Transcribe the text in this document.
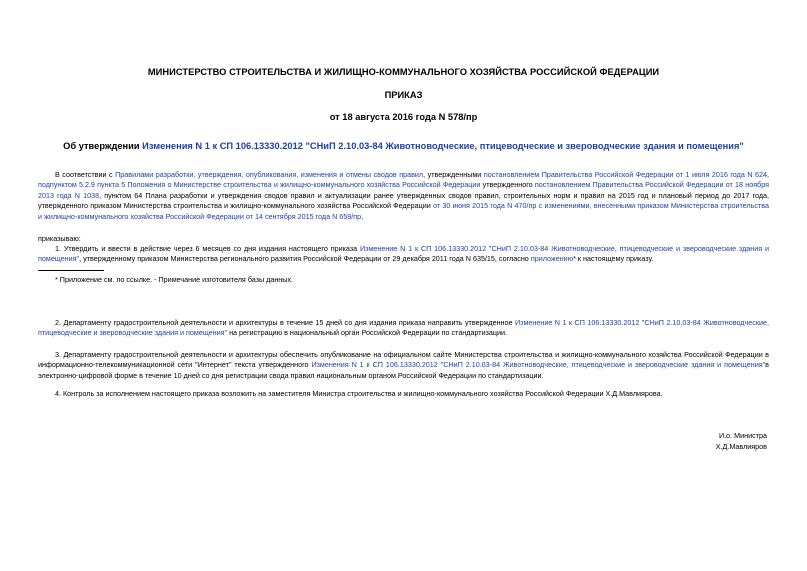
МИНИСТЕРСТВО СТРОИТЕЛЬСТВА И ЖИЛИЩНО-КОММУНАЛЬНОГО ХОЗЯЙСТВА РОССИЙСКОЙ ФЕДЕРАЦИИ
ПРИКАЗ
от 18 августа 2016 года N 578/пр
Об утверждении Изменения N 1 к СП 106.13330.2012 "СНиП 2.10.03-84 Животноводческие, птицеводческие и звероводческие здания и помещения"
В соответствии с Правилами разработки, утверждения, опубликования, изменения и отмены сводов правил, утвержденными постановлением Правительства Российской Федерации от 1 июля 2016 года N 624, подпунктом 5.2.9 пункта 5 Положения о Министерстве строительства и жилищно-коммунального хозяйства Российской Федерации утвержденного постановлением Правительства Российской Федерации от 18 ноября 2013 года N 1038, пунктом 64 Плана разработки и утверждения сводов правил и актуализации ранее утвержденных сводов правил, строительных норм и правил на 2015 год и плановый период до 2017 года, утвержденного приказом Министерства строительства и жилищно-коммунального хозяйства Российской Федерации от 30 июня 2015 года N 470/пр с изменениями, внесенными приказом Министерства строительства и жилищно-коммунального хозяйства Российской Федерации от 14 сентября 2015 года N 659/пр,
приказываю:
1. Утвердить и ввести в действие через 6 месяцев со дня издания настоящего приказа Изменение N 1 к СП 106.13330.2012 "СНиП 2.10.03-84 Животноводческие, птицеводческие и звероводческие здания и помещения", утвержденному приказом Министерства регионального развития Российской Федерации от 29 декабря 2011 года N 635/15, согласно приложению* к настоящему приказу.
* Приложение см. по ссылке. - Примечание изготовителя базы данных.
2. Департаменту градостроительной деятельности и архитектуры в течение 15 дней со дня издания приказа направить утвержденное Изменение N 1 к СП 106.13330.2012 "СНиП 2.10.03-84 Животноводческие, птицеводческие и звероводческие здания и помещения" на регистрацию в национальный орган Российской Федерации по стандартизации.
3. Департаменту градостроительной деятельности и архитектуры обеспечить опубликование на официальном сайте Министерства строительства и жилищно-коммунального хозяйства Российской Федерации в информационно-телекоммуникационной сети "Интернет" текста утвержденного Изменения N 1 к СП 106.13330.2012 "СНиП 2.10.03-84 Животноводческие, птицеводческие и звероводческие здания и помещения"в электронно-цифровой форме в течение 10 дней со дня регистрации свода правил национальным органом Российской Федерации по стандартизации.
4. Контроль за исполнением настоящего приказа возложить на заместителя Министра строительства и жилищно-коммунального хозяйства Российской Федерации Х.Д.Мавлиярова.
И.о. Министра
Х.Д.Мавлияров
